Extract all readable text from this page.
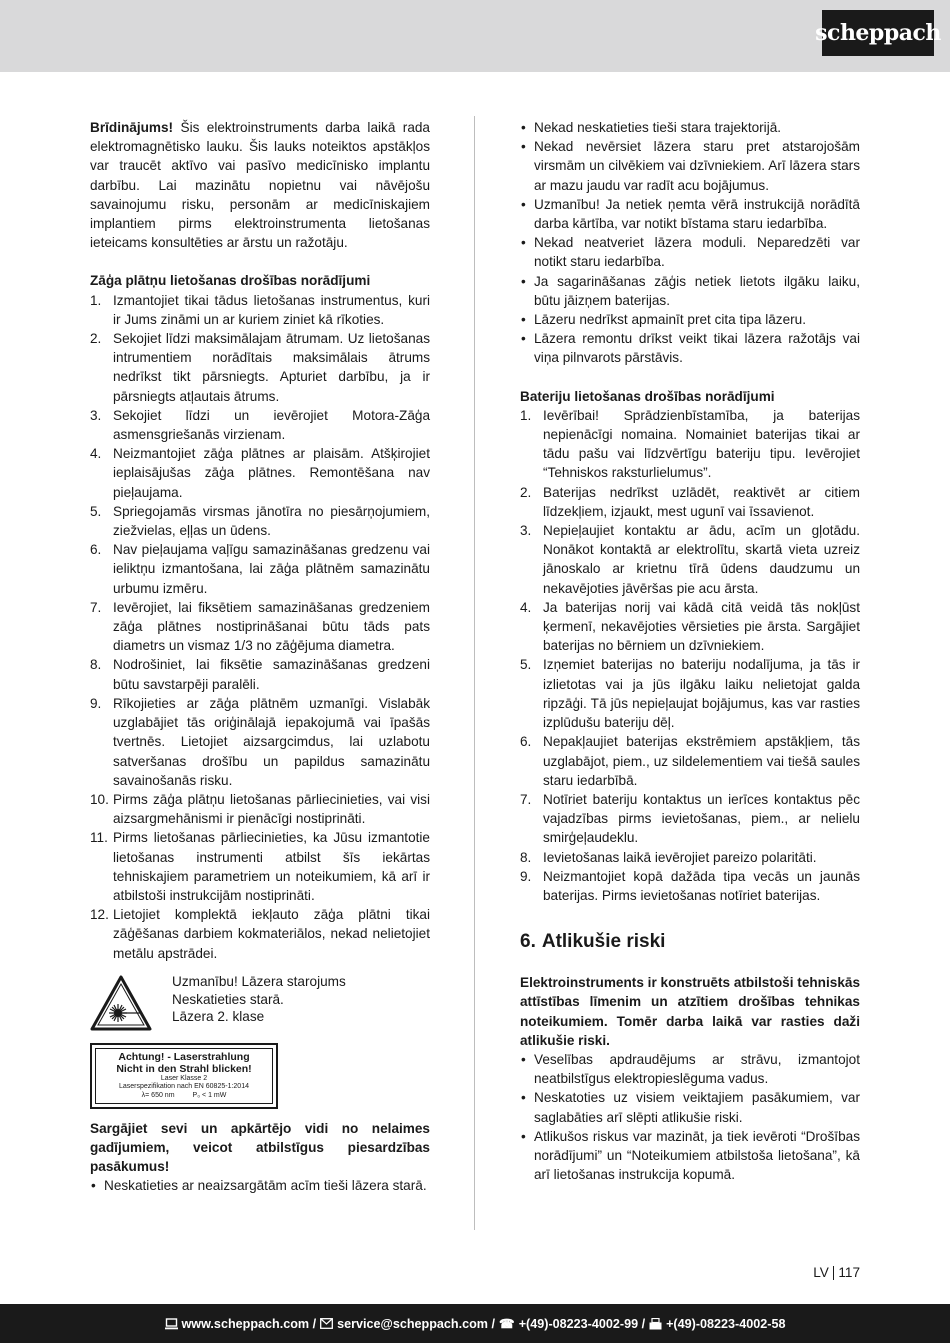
scheppach

Brīdinājums! Šis elektroinstruments darba laikā rada elektromagnētisko lauku. Šis lauks noteiktos apstākļos var traucēt aktīvo vai pasīvo medicīnisko implantu darbību. Lai mazinātu nopietnu vai nāvējošu savainojumu risku, personām ar medicīniskajiem implantiem pirms elektroinstrumenta lietošanas ieteicams konsultēties ar ārstu un ražotāju.

Zāģa plātņu lietošanas drošības norādījumi

1. Izmantojiet tikai tādus lietošanas instrumentus, kuri ir Jums zināmi un ar kuriem ziniet kā rīkoties.
2. Sekojiet līdzi maksimālajam ātrumam. Uz lietošanas intrumentiem norādītais maksimālais ātrums nedrīkst tikt pārsniegts. Apturiet darbību, ja ir pārsniegts atļautais ātrums.
3. Sekojiet līdzi un ievērojiet Motora-Zāģa asmensgriešanās virzienam.
4. Neizmantojiet zāģa plātnes ar plaisām. Atšķirojiet ieplaisājušas zāģa plātnes. Remontēšana nav pieļaujama.
5. Spriegojamās virsmas jānotīra no piesārņojumiem, ziežvielas, eļļas un ūdens.
6. Nav pieļaujama vaļīgu samazināšanas gredzenu vai ieliktņu izmantošana, lai zāģa plātnēm samazinātu urbumu izmēru.
7. Ievērojiet, lai fiksētiem samazināšanas gredzeniem zāģa plātnes nostiprināšanai būtu tāds pats diametrs un vismaz 1/3 no zāģējuma diametra.
8. Nodrošiniet, lai fiksētie samazināšanas gredzeni būtu savstarpēji paralēli.
9. Rīkojieties ar zāģa plātnēm uzmanīgi. Vislabāk uzglabājiet tās oriģinālajā iepakojumā vai īpašās tvertnēs. Lietojiet aizsargcimdus, lai uzlabotu satveršanas drošību un papildus samazinātu savainošanās risku.
10. Pirms zāģa plātņu lietošanas pārliecinieties, vai visi aizsargmehānismi ir pienācīgi nostiprināti.
11. Pirms lietošanas pārliecinieties, ka Jūsu izmantotie lietošanas instrumenti atbilst šīs iekārtas tehniskajiem parametriem un noteikumiem, kā arī ir atbilstoši instrukcijām nostiprināti.
12. Lietojiet komplektā iekļauto zāģa plātni tikai zāģēšanas darbiem kokmateriālos, nekad nelietojiet metālu apstrādei.
Uzmanību! Lāzera starojums
Neskatieties starā.
Lāzera 2. klase
Achtung! - Laserstrahlung
Nicht in den Strahl blicken!
Laser Klasse 2
Laserspezifikation nach EN 60825-1:2014
λ= 650 nm	P₀ < 1 mW

Sargājiet sevi un apkārtējo vidi no nelaimes gadījumiem, veicot atbilstīgus piesardzības pasākumus!

• Neskatieties ar neaizsargātām acīm tieši lāzera starā.
• Nekad neskatieties tieši stara trajektorijā.
• Nekad nevērsiet lāzera staru pret atstarojošām virsmām un cilvēkiem vai dzīvniekiem. Arī lāzera stars ar mazu jaudu var radīt acu bojājumus.
• Uzmanību! Ja netiek ņemta vērā instrukcijā norādītā darba kārtība, var notikt bīstama staru iedarbība.
• Nekad neatveriet lāzera moduli. Neparedzēti var notikt staru iedarbība.
• Ja sagarināšanas zāģis netiek lietots ilgāku laiku, būtu jāizņem baterijas.
• Lāzeru nedrīkst apmainīt pret cita tipa lāzeru.
• Lāzera remontu drīkst veikt tikai lāzera ražotājs vai viņa pilnvarots pārstāvis.

Bateriju lietošanas drošības norādījumi

1. Ievērībai! Sprādzienbīstamība, ja baterijas nepienācīgi nomaina. Nomainiet baterijas tikai ar tādu pašu vai līdzvērtīgu bateriju tipu. Ievērojiet “Tehniskos raksturlielumus”.
2. Baterijas nedrīkst uzlādēt, reaktivēt ar citiem līdzekļiem, izjaukt, mest ugunī vai īssavienot.
3. Nepieļaujiet kontaktu ar ādu, acīm un gļotādu. Nonākot kontaktā ar elektrolītu, skartā vieta uzreiz jānoskalo ar krietnu tīrā ūdens daudzumu un nekavējoties jāvēršas pie acu ārsta.
4. Ja baterijas norij vai kādā citā veidā tās nokļūst ķermenī, nekavējoties vērsieties pie ārsta. Sargājiet baterijas no bērniem un dzīvniekiem.
5. Izņemiet baterijas no bateriju nodalījuma, ja tās ir izlietotas vai ja jūs ilgāku laiku nelietojat galda ripzāģi. Tā jūs nepieļaujat bojājumus, kas var rasties izplūdušu bateriju dēļ.
6. Nepakļaujiet baterijas ekstrēmiem apstākļiem, tās uzglabājot, piem., uz sildelementiem vai tiešā saules staru iedarbībā.
7. Notīriet bateriju kontaktus un ierīces kontaktus pēc vajadzības pirms ievietošanas, piem., ar nelielu smirģeļaudeklu.
8. Ievietošanas laikā ievērojiet pareizo polaritāti.
9. Neizmantojiet kopā dažāda tipa vecās un jaunās baterijas. Pirms ievietošanas notīriet baterijas.
6. Atlikušie riski

Elektroinstruments ir konstruēts atbilstoši tehniskās attīstības līmenim un atzītiem drošības tehnikas noteikumiem. Tomēr darba laikā var rasties daži atlikušie riski.

• Veselības apdraudējums ar strāvu, izmantojot neatbilstīgus elektropieslēguma vadus.
• Neskatoties uz visiem veiktajiem pasākumiem, var saglabāties arī slēpti atlikušie riski.
• Atlikušos riskus var mazināt, ja tiek ievēroti “Drošības norādījumi” un “Noteikumiem atbilstoša lietošana”, kā arī lietošanas instrukcija kopumā.
LV 117
www.scheppach.com / service@scheppach.com / ☎ +(49)-08223-4002-99 / +(49)-08223-4002-58
